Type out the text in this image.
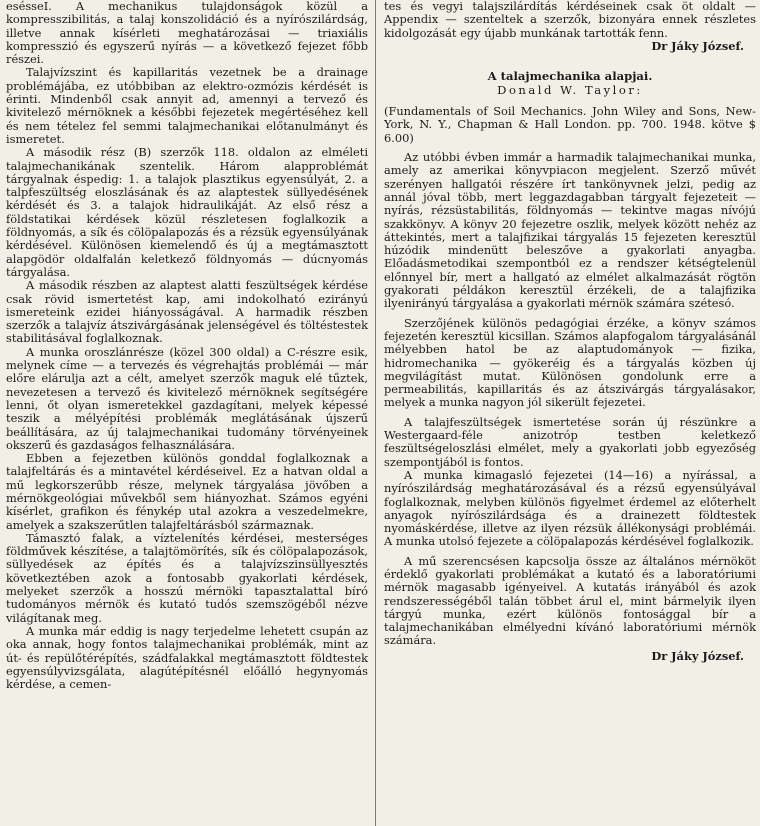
esésseI. A mechanikus tulajdonságok közül a kompresszibilitás, a talaj konszolidáció és a nyírószilárdság, illetve annak kísérleti meghatározásai — triaxiális kompresszió és egyszerű nyírás — a következő fejezet főbb részei.

Talajvízszint és kapillaritás vezetnek be a drainage problémájába, ez utóbbiban az elektro-ozmózis kérdését is érinti. Mindenből csak annyit ad, amennyi a tervező és kivitelező mérnöknek a későbbi fejezetek megértéséhez kell és nem tételez fel semmi talajmechanikai előtanulmányt és ismeretet.

A második rész (B) szerzők 118. oldalon az elméleti talajmechanikának szentelik. Három alapproblémát tárgyalnak éspedig: 1. a talajok plasztikus egyensúlyát, 2. a talpfeszültség eloszlásának és az alaptestek süllyedésének kérdését és 3. a talajok hidraulikáját. Az első rész a földstatikai kérdések közül részletesen foglalkozik a földnyomás, a sík és cölöpalapozás és a rézsük egyensúlyának kérdésével. Különösen kiemelendő és új a megtámasztott alapgödör oldalfalán keletkező földnyomás — dúcnyomás tárgyalása.

A második részben az alaptest alatti feszültségek kérdése csak rövid ismertetést kap, ami indokolható ezirányú ismereteink ezidei hiányosságával. A harmadik részben szerzők a talajvíz átszivárgásának jelenségével és töltéstestek stabilitásával foglalkoznak.

A munka oroszlánrésze (közel 300 oldal) a C-részre esik, melynek címe — a tervezés és végrehajtás problémái — már előre elárulja azt a célt, amelyet szerzők maguk elé tűztek, nevezetesen a tervező és kivitelező mérnöknek segítségére lenni, őt olyan ismeretekkel gazdagítani, melyek képessé teszik a mélyépítési problémák meglátásának újszerű beállítására, az új talajmechanikai tudomány törvényeinek okszerű és gazdaságos felhasználására.

Ebben a fejezetben különös gonddal foglalkoznak a talajfeltárás és a mintavétel kérdéseivel. Ez a hatvan oldal a mű legkorszerűbb része, melynek tárgyalása jövőben a mérnökgeológiai művekből sem hiányozhat. Számos egyéni kísérlet, grafikon és fénykép utal azokra a veszedelmekre, amelyek a szakszerűtlen talajfeltárásból származnak.

Támasztó falak, a víztelenítés kérdései, mesterséges földművek készítése, a talajtömörítés, sík és cölöpalapozások, süllyedések az építés és a talajvízszinsüllyesztés következtében azok a fontosabb gyakorlati kérdések, melyeket szerzők a hosszú mérnöki tapasztalattal bíró tudományos mérnök és kutató tudós szemszögéből nézve világítanak meg.

A munka már eddig is nagy terjedelme lehetett csupán az oka annak, hogy fontos talajmechanikai problémák, mint az út- és repülőtérépítés, szádfalakkal megtámasztott földtestek egyensúlyvizsgálata, alagútépítésnél előálló hegynyomás kérdése, a cemen-

tes és vegyi talajszilárdítás kérdéseinek csak öt oldalt — Appendix — szenteltek a szerzők, bizonyára ennek részletes kidolgozását egy újabb munkának tartották fenn.

Dr Jáky József.

A talajmechanika alapjai.

Donald W. Taylor:

(Fundamentals of Soil Mechanics. John Wiley and Sons, New-York, N. Y., Chapman & Hall London. pp. 700. 1948. kötve $ 6.00)

Az utóbbi évben immár a harmadik talajmechanikai munka, amely az amerikai könyvpiacon megjelent. Szerző művét szerényen hallgatói részére írt tankönyvnek jelzi, pedig az annál jóval több, mert leggazdagabban tárgyalt fejezeteit — nyírás, rézsüstabilitás, földnyomás — tekintve magas nívójú szakkönyv. A könyv 20 fejezetre oszlik, melyek között nehéz az áttekintés, mert a talajfizikai tárgyalás 15 fejezeten keresztül húzódik mindenütt beleszőve a gyakorlati anyagba. Előadásmetodikai szempontból ez a rendszer kétségtelenül előnnyel bír, mert a hallgató az elmélet alkalmazását rögtön gyakorati példákon keresztül érzékeli, de a talajfizika ilyenirányú tárgyalása a gyakorlati mérnök számára szétesó.

Szerzőjének különös pedagógiai érzéke, a könyv számos fejezetén keresztül kicsillan. Számos alapfogalom tárgyalásánál mélyebben hatol be az alaptudományok — fizika, hidromechanika — gyökeréig és a tárgyalás közben új megvilágítást mutat. Különösen gondolunk erre a permeabilitás, kapillaritás és az átszivárgás tárgyalásakor, melyek a munka nagyon jól sikerült fejezetei.

A talajfeszültségek ismertetése során új részünkre a Westergaard-féle anizotróp testben keletkező feszültségeloszlási elmélet, mely a gyakorlati jobb egyezőség szempontjából is fontos.

A munka kimagasló fejezetei (14—16) a nyírással, a nyírószilárdság meghatározásával és a rézsű egyensúlyával foglalkoznak, melyben különös figyelmet érdemel az előterhelt anyagok nyírószilárdsága és a drainezett földtestek nyomáskérdése, illetve az ilyen rézsük állékonysági problémái. A munka utolsó fejezete a cölöpalapozás kérdésével foglalkozik.

A mű szerencsésen kapcsolja össze az általános mérnököt érdeklő gyakorlati problémákat a kutató és a laboratóriumi mérnök magasabb igényeivel. A kutatás irányából és azok rendszerességéből talán többet árul el, mint bármelyik ilyen tárgyú munka, ezért különös fontosággal bír a talajmechanikában elmélyedni kívánó laboratóriumi mérnök számára.

Dr Jáky József.
